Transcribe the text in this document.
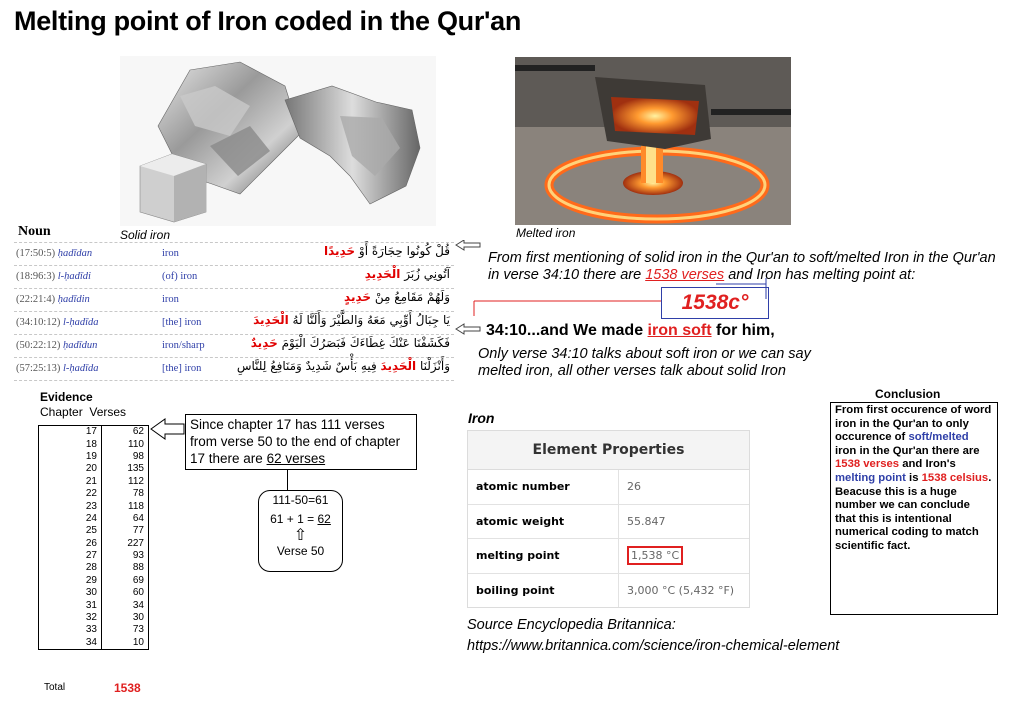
Melting point of Iron coded in the Qur'an
Solid iron	Melted iron
Noun
(17:50:5) ḥadīdan	iron	قُلْ كُونُوا حِجَارَةً أَوْ حَدِيدًا
(18:96:3) l-ḥadīdi	(of) iron	آتُونِي زُبَرَ الْحَدِيدِ
(22:21:4) ḥadīdin	iron	وَلَهُمْ مَقَامِعُ مِنْ حَدِيدٍ
(34:10:12) l-ḥadīda	[the] iron	يَا جِبَالُ أَوِّبِي مَعَهُ وَالطَّيْرَ وَأَلَنَّا لَهُ الْحَدِيدَ
(50:22:12) ḥadīdun	iron/sharp	فَكَشَفْنَا عَنْكَ غِطَاءَكَ فَبَصَرُكَ الْيَوْمَ حَدِيدٌ
(57:25:13) l-ḥadīda	[the] iron	وَأَنْزَلْنَا الْحَدِيدَ فِيهِ بَأْسٌ شَدِيدٌ وَمَنَافِعُ لِلنَّاسِ
From first mentioning of solid iron in the Qur'an to soft/melted Iron in the Qur'an in verse 34:10 there are 1538 verses and Iron has melting point at:
1538c°
34:10...and We made iron soft for him,
Only verse 34:10 talks about soft iron or we can say melted iron, all other verses talk about solid Iron
Evidence
Chapter Verses
17	62
18	110
19	98
20	135
21	112
22	78
23	118
24	64
25	77
26	227
27	93
28	88
29	69
30	60
31	34
32	30
33	73
34	10
Total	1538
Since chapter 17 has 111 verses from verse 50 to the end of chapter 17 there are 62 verses
111-50=61
61 + 1 = 62
⇧
Verse 50
Iron
Element Properties
atomic number	26
atomic weight	55.847
melting point	1,538 °C
boiling point	3,000 °C (5,432 °F)
Source Encyclopedia Britannica:
https://www.britannica.com/science/iron-chemical-element
Conclusion
From first occurence of word iron in the Qur'an to only occurence of soft/melted iron in the Qur'an there are 1538 verses and Iron's melting point is 1538 celsius. Beacuse this is a huge number we can conclude that this is intentional numerical coding to match scientific fact.
